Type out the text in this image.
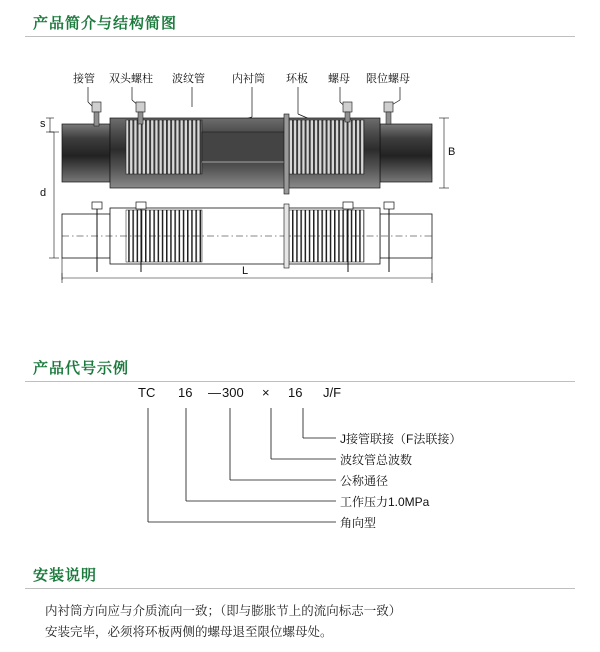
产品简介与结构简图
产品代号示例
安装说明
接管 双头螺柱 波纹管 内衬筒 环板 螺母 限位螺母
s
d
B
L
TC 16 — 300 × 16 J/F
J接管联接（F法联接）
波纹管总波数
公称通径
工作压力1.0MPa
角向型
内衬筒方向应与介质流向一致；（即与膨胀节上的流向标志一致）
安装完毕，必须将环板两侧的螺母退至限位螺母处。
